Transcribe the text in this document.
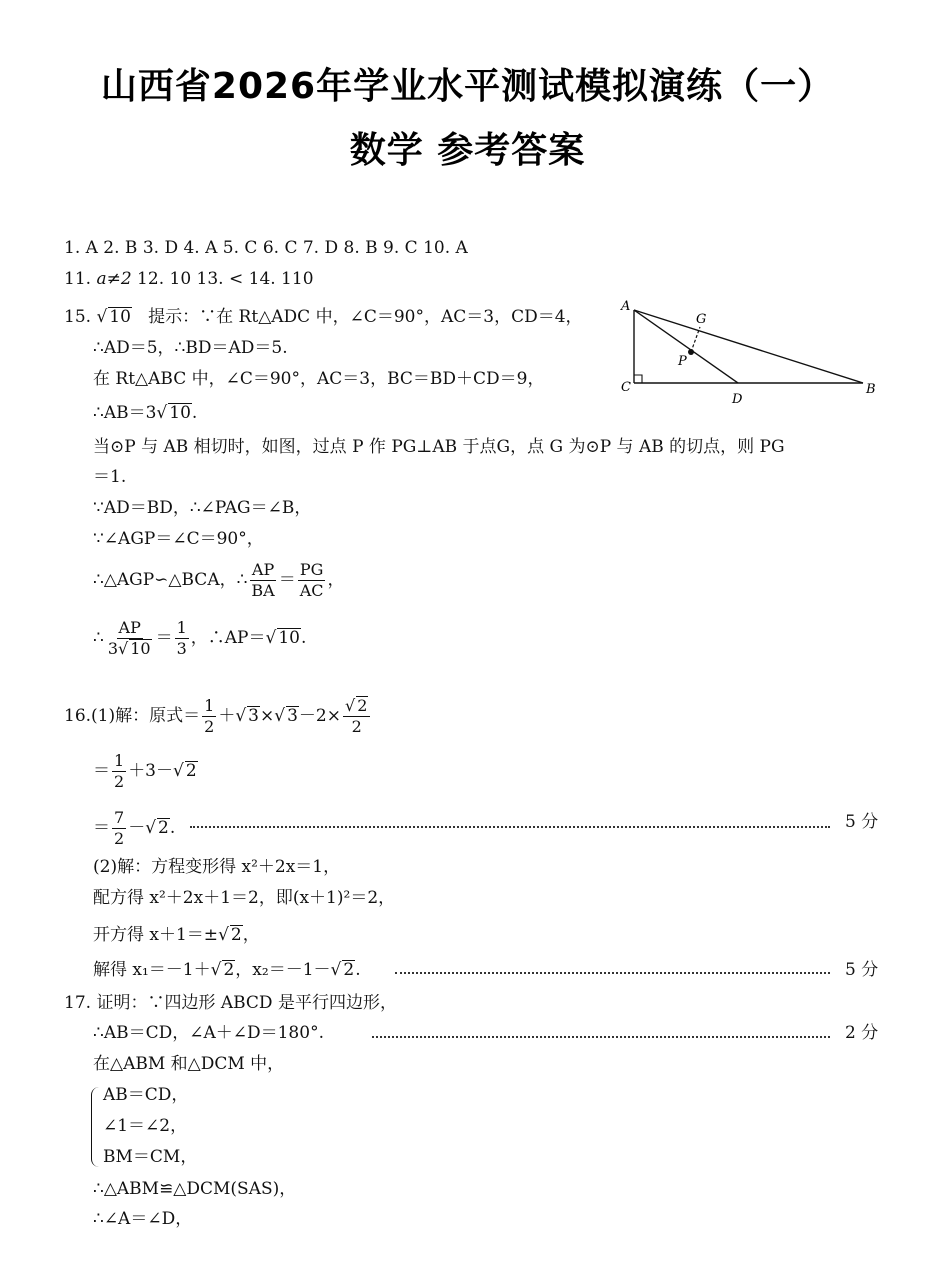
山西省2026年学业水平测试模拟演练（一）
数学 参考答案
1. A 2. B 3. D 4. A 5. C 6. C 7. D 8. B 9. C 10. A
11. a≠2 12. 10 13. < 14. 110
15. √ 10 提示：∵在 Rt△ADC 中，∠C＝90°，AC＝3，CD＝4，
∴AD＝5，∴BD＝AD＝5.
在 Rt△ABC 中，∠C＝90°，AC＝3，BC＝BD＋CD＝9，
∴AB＝3√ 10.
当⊙P 与 AB 相切时，如图，过点 P 作 PG⊥AB 于点G，点 G 为⊙P 与 AB 的切点，则 PG
＝1.
∵AD＝BD，∴∠PAG＝∠B，
∵∠AGP＝∠C＝90°，
∴△AGP∽△BCA，∴ $\frac{AP}{BA} = \frac{PG}{AC}$ ，
∴ $\frac{AP}{3√ 10} = \frac{1}{3}$ ，∴AP＝√ 10.
A
B
C
D
G
P
16.(1)解：原式＝ $\frac{1}{2}$ ＋√ 3×√ $3-2\times \frac{√ 2}{2}$
＝ $\frac{1}{2} +3-√$ 2
＝ $\frac{7}{2}$ －√ 2.	5 分
(2)解：方程变形得 x²＋2x＝1，
配方得 x²＋2x＋1＝2，即(x＋1)²＝2，
开方得 x＋1＝±√ 2，
解得 x₁＝－1＋√ 2，x₂＝－1－√ 2.	5 分
17. 证明：∵四边形 ABCD 是平行四边形，
∴AB＝CD，∠A＋∠D＝180°.	2 分
在△ABM 和△DCM 中，
AB＝CD，
∠1＝∠2，
BM＝CM，
∴△ABM≌△DCM(SAS)，
∴∠A＝∠D，
